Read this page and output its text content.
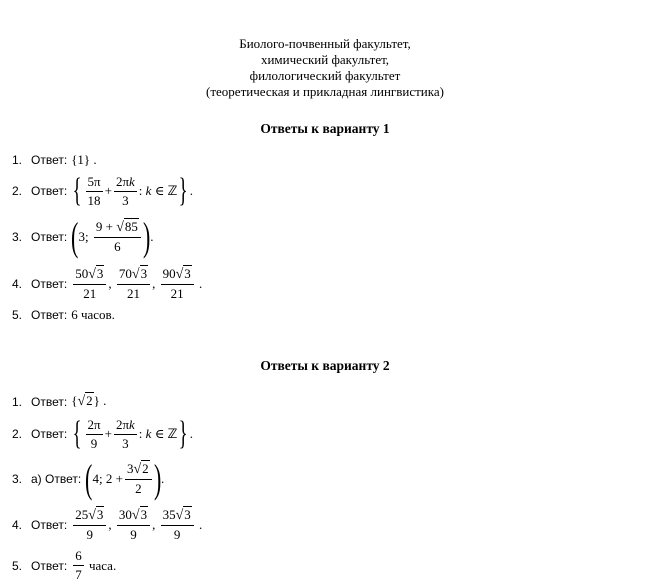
Биолого-почвенный факультет,
химический факультет,
филологический факультет
(теоретическая и прикладная лингвистика)
Ответы к варианту 1
1. Ответ: {1} .
2. Ответ: { $\frac{5\pi}{18} + \frac{2\pi k}{3}$ : k ∈ ℤ } .
3. Ответ: ( 3; $\frac{9 + √85}{6}$ ) .
4. Ответ: $\frac{50√3}{21}$ , $\frac{70√3}{21}$ , $\frac{90√3}{21}$ .
5. Ответ: 6 часов.
Ответы к варианту 2
1. Ответ: {√2} .
2. Ответ: { $\frac{2\pi}{9} + \frac{2\pi k}{3}$ : k ∈ ℤ } .
3. а) Ответ: ( 4; $2 + \frac{3√2}{2}$ ) .
4. Ответ: $\frac{25√3}{9}$ , $\frac{30√3}{9}$ , $\frac{35√3}{9}$ .
5. Ответ: $\frac{6}{7}$ часа.
